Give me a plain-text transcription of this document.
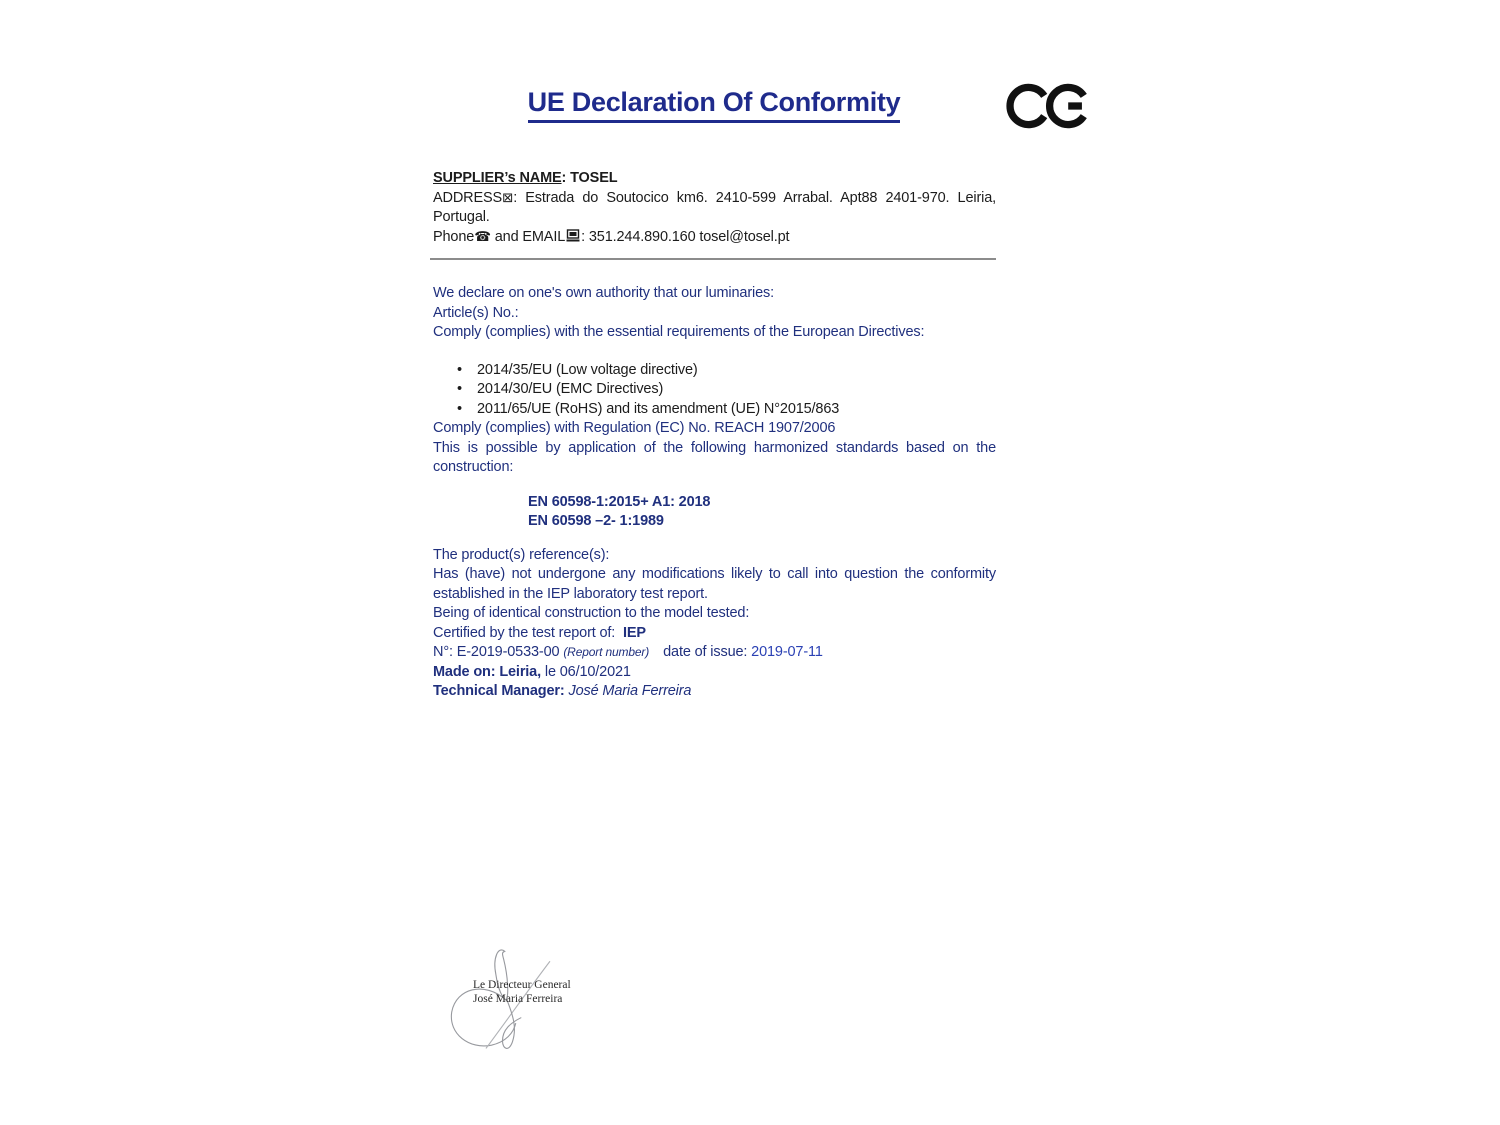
UE Declaration Of Conformity

SUPPLIER’s NAME: TOSEL

ADDRESS⊠: Estrada do Soutocico km6. 2410-599 Arrabal. Apt88 2401-970. Leiria, Portugal.

Phone☎ and EMAIL : 351.244.890.160 tosel@tosel.pt

We declare on one's own authority that our luminaries:

Article(s) No.:

Comply (complies) with the essential requirements of the European Directives:

• 2014/35/EU (Low voltage directive)
• 2014/30/EU (EMC Directives)
• 2011/65/UE (RoHS) and its amendment (UE) N°2015/863

Comply (complies) with Regulation (EC) No. REACH 1907/2006

This is possible by application of the following harmonized standards based on the construction:

EN 60598-1:2015+ A1: 2018
EN 60598 –2- 1:1989

The product(s) reference(s):

Has (have) not undergone any modifications likely to call into question the conformity established in the IEP laboratory test report.

Being of identical construction to the model tested:

Certified by the test report of: IEP

N°: E-2019-0533-00 (Report number) date of issue: 2019-07-11

Made on: Leiria, le 06/10/2021

Technical Manager: José Maria Ferreira

Le Directeur General
José Maria Ferreira
